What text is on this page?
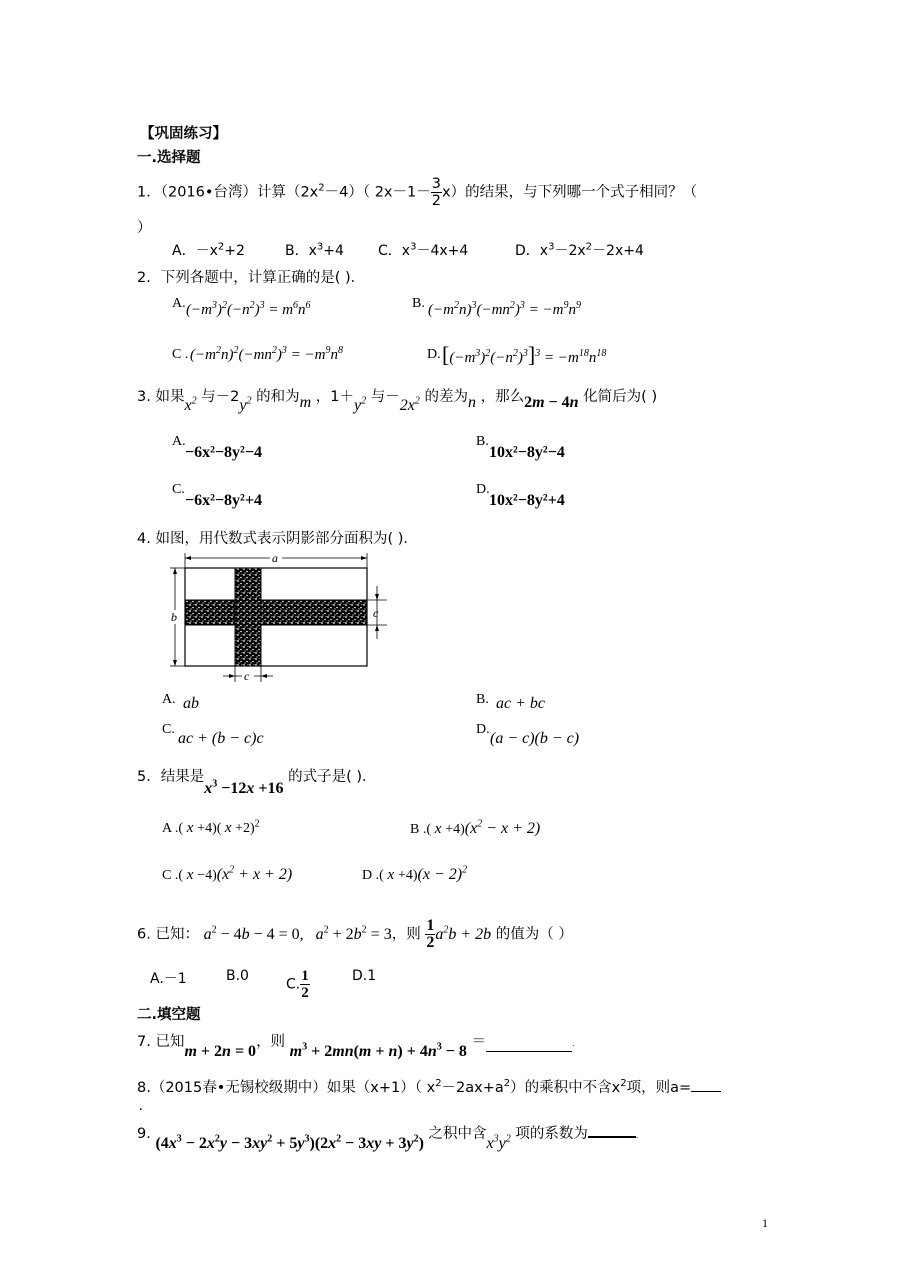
【巩固练习】
一.选择题
1．（2016•台湾）计算$(2x^2-4)$（ $2x-1- \frac{3}{2} x$）的结果，与下列哪一个式子相同？（
）
A．$-x^2+2$	B．$x^3+4$ C．$x^3-4x+4$	D．$x^3-2x^2-2x+4$
2．下列各题中，计算正确的是( )．
A. $(-m^3)^2(-n^2)^3 = m^6n^6$	B. $(-m^2n)^3(-mn^2)^3 = -m^9n^9$
C . $(-m^2n)^2(-mn^2)^3 = -m^9n^8$	D. $[(-m^3)^2(-n^2)^3]^3 = -m^{18}n^{18}$
3. 如果$x^2$ 与$-2y^2$ 的和为m ，$1+y^2$ 与$-2x^2$ 的差为n ，那么2m − 4n 化简后为( )
A.
−6x²−8y²−4
B.
10x²−8y²−4
C.
−6x²−8y²+4
D.
10x²−8y²+4
4. 如图，用代数式表示阴影部分面积为( )．
a
b	c
c
A. ab	B. ac + bc
C.
ac + (b − c)c
D.
(a − c)(b − c)
5．结果是$x^3 -12x +16$ 的式子是( )．
A .( x +4)( x +2)$^2$	B .( $x +4)(x^2 - x + 2)$
C .( $x -4)(x^2 + x + 2)$	D .( $x +4)(x - 2)^2$
6. 已知： $a^2 - 4b - 4 = 0$,   $a^2 + 2b^2 = 3$，则 $\frac{1}{2} a^2b + 2b$ 的值为（ ）
A.－1	B.0
C. $\frac{1}{2}$	D.1
二.填空题
7. 已知m + 2n = 0，则 $m^3 + 2mn(m + n) + 4n^3 - 8$ ＝	.
8.（2015春•无锡校级期中）如果（x+1）（ $x^2-2ax+a^2$）的乘积中不含$x^2$项，则a=
.
9. $(4x^3 - 2x^2y - 3xy^2 + 5y^3)(2x^2 - 3xy + 3y^2)$ 之积中含$x^3y^2$ 项的系数为	.
1
